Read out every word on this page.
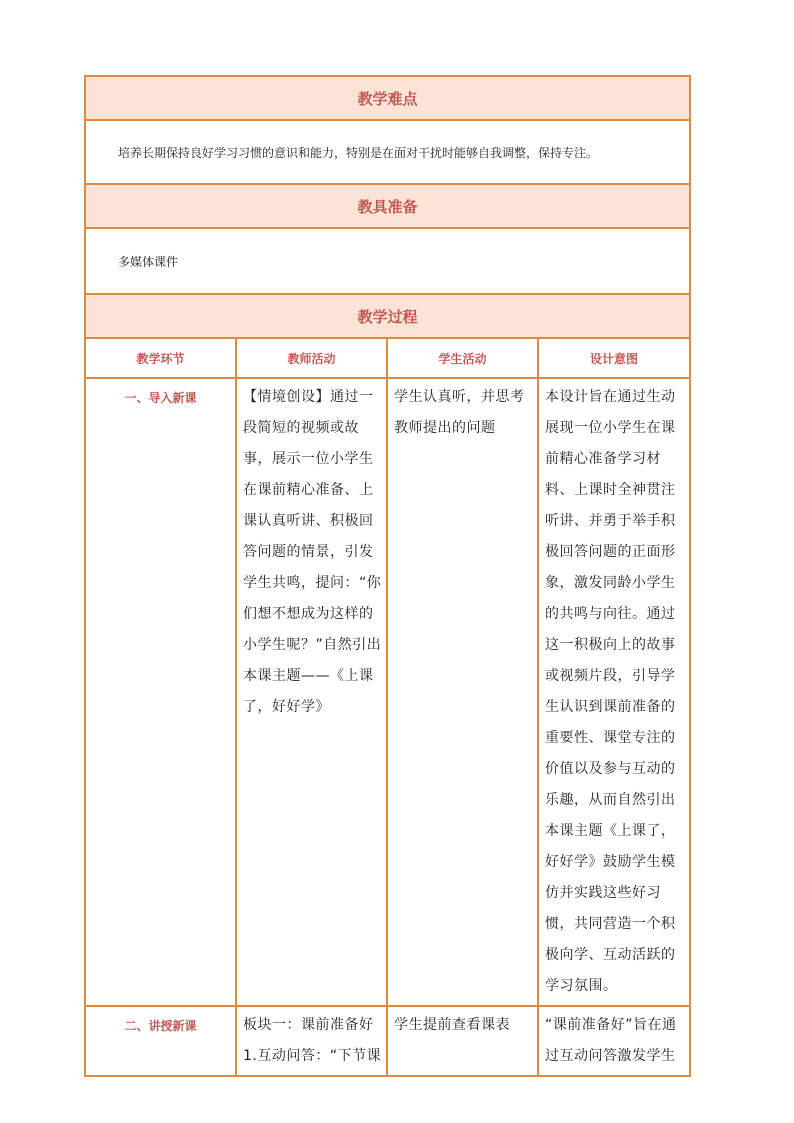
教学难点			
培养长期保持良好学习习惯的意识和能力，特别是在面对干扰时能够自我调整，保持专注。			
教具准备			
多媒体课件			
教学过程			
教学环节	教师活动	学生活动	设计意图
一、导入新课	【情境创设】通过一段简短的视频或故事，展示一位小学生在课前精心准备、上课认真听讲、积极回答问题的情景，引发学生共鸣，提问：“你们想不想成为这样的小学生呢？”自然引出本课主题——《上课了，好好学》	学生认真听，并思考教师提出的问题	本设计旨在通过生动展现一位小学生在课前精心准备学习材料、上课时全神贯注听讲、并勇于举手积极回答问题的正面形象，激发同龄小学生的共鸣与向往。通过这一积极向上的故事或视频片段，引导学生认识到课前准备的重要性、课堂专注的价值以及参与互动的乐趣，从而自然引出本课主题《上课了，好好学》鼓励学生模仿并实践这些好习惯，共同营造一个积极向学、互动活跃的学习氛围。
二、讲授新课	板块一：课前准备好 1.互动问答：“下节课	学生提前查看课表	“课前准备好”旨在通过互动问答激发学生
